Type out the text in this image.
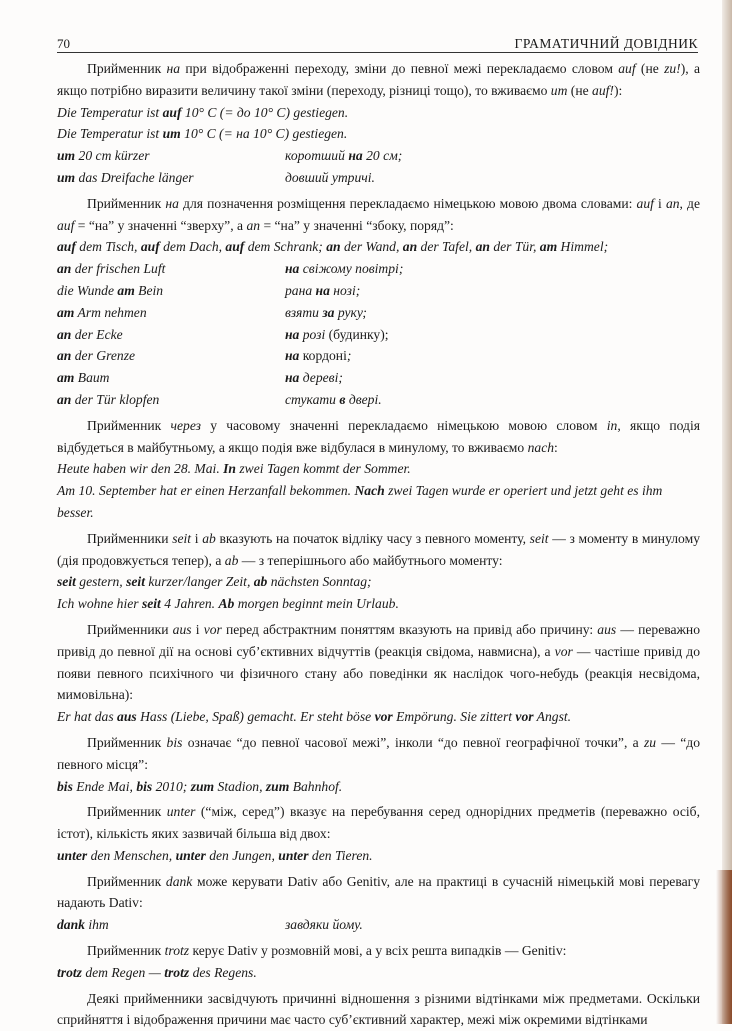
70	ГРАМАТИЧНИЙ ДОВІДНИК

Прийменник на при відображенні переходу, зміни до певної межі перекладаємо словом auf (не zu!), а якщо потрібно виразити величину такої зміни (переходу, різниці тощо), то вживаємо um (не auf!):

Die Temperatur ist auf 10° C (= до 10° C) gestiegen.
Die Temperatur ist um 10° C (= на 10° C) gestiegen.
um 20 cm kürzer	коротший на 20 см;
um das Dreifache länger	довший утричі.

Прийменник на для позначення розміщення перекладаємо німецькою мовою двома словами: auf і an, де auf = “на” у значенні “зверху”, а an = “на” у значенні “збоку, поряд”:

auf dem Tisch, auf dem Dach, auf dem Schrank; an der Wand, an der Tafel, an der Tür, am Himmel;
an der frischen Luft	на свіжому повітрі;
die Wunde am Bein	рана на нозі;
am Arm nehmen	взяти за руку;
an der Ecke	на розі (будинку);
an der Grenze	на кордоні;
am Baum	на дереві;
an der Tür klopfen	стукати в двері.

Прийменник через у часовому значенні перекладаємо німецькою мовою словом in, якщо подія відбудеться в майбутньому, а якщо подія вже відбулася в минулому, то вживаємо nach:

Heute haben wir den 28. Mai. In zwei Tagen kommt der Sommer.
Am 10. September hat er einen Herzanfall bekommen. Nach zwei Tagen wurde er operiert und jetzt geht es ihm besser.

Прийменники seit і ab вказують на початок відліку часу з певного моменту, seit — з моменту в минулому (дія продовжується тепер), а ab — з теперішнього або майбутнього моменту:

seit gestern, seit kurzer/langer Zeit, ab nächsten Sonntag;
Ich wohne hier seit 4 Jahren. Ab morgen beginnt mein Urlaub.

Прийменники aus і vor перед абстрактним поняттям вказують на привід або причину: aus — переважно привід до певної дії на основі суб’єктивних відчуттів (реакція свідома, навмисна), а vor — частіше привід до появи певного психічного чи фізичного стану або поведінки як наслідок чого-небудь (реакція несвідома, мимовільна):

Er hat das aus Hass (Liebe, Spaß) gemacht. Er steht böse vor Empörung. Sie zittert vor Angst.

Прийменник bis означає “до певної часової межі”, інколи “до певної географічної точки”, а zu — “до певного місця”:

bis Ende Mai, bis 2010; zum Stadion, zum Bahnhof.

Прийменник unter (“між, серед”) вказує на перебування серед однорідних предметів (переважно осіб, істот), кількість яких зазвичай більша від двох:

unter den Menschen, unter den Jungen, unter den Tieren.

Прийменник dank може керувати Dativ або Genitiv, але на практиці в сучасній німецькій мові перевагу надають Dativ:

dank ihm	завдяки йому.

Прийменник trotz керує Dativ у розмовній мові, а у всіх решта випадків — Genitiv:

trotz dem Regen — trotz des Regens.

Деякі прийменники засвідчують причинні відношення з різними відтінками між предметами. Оскільки сприйняття і відображення причини має часто суб’єктивний характер, межі між окремими відтінками
